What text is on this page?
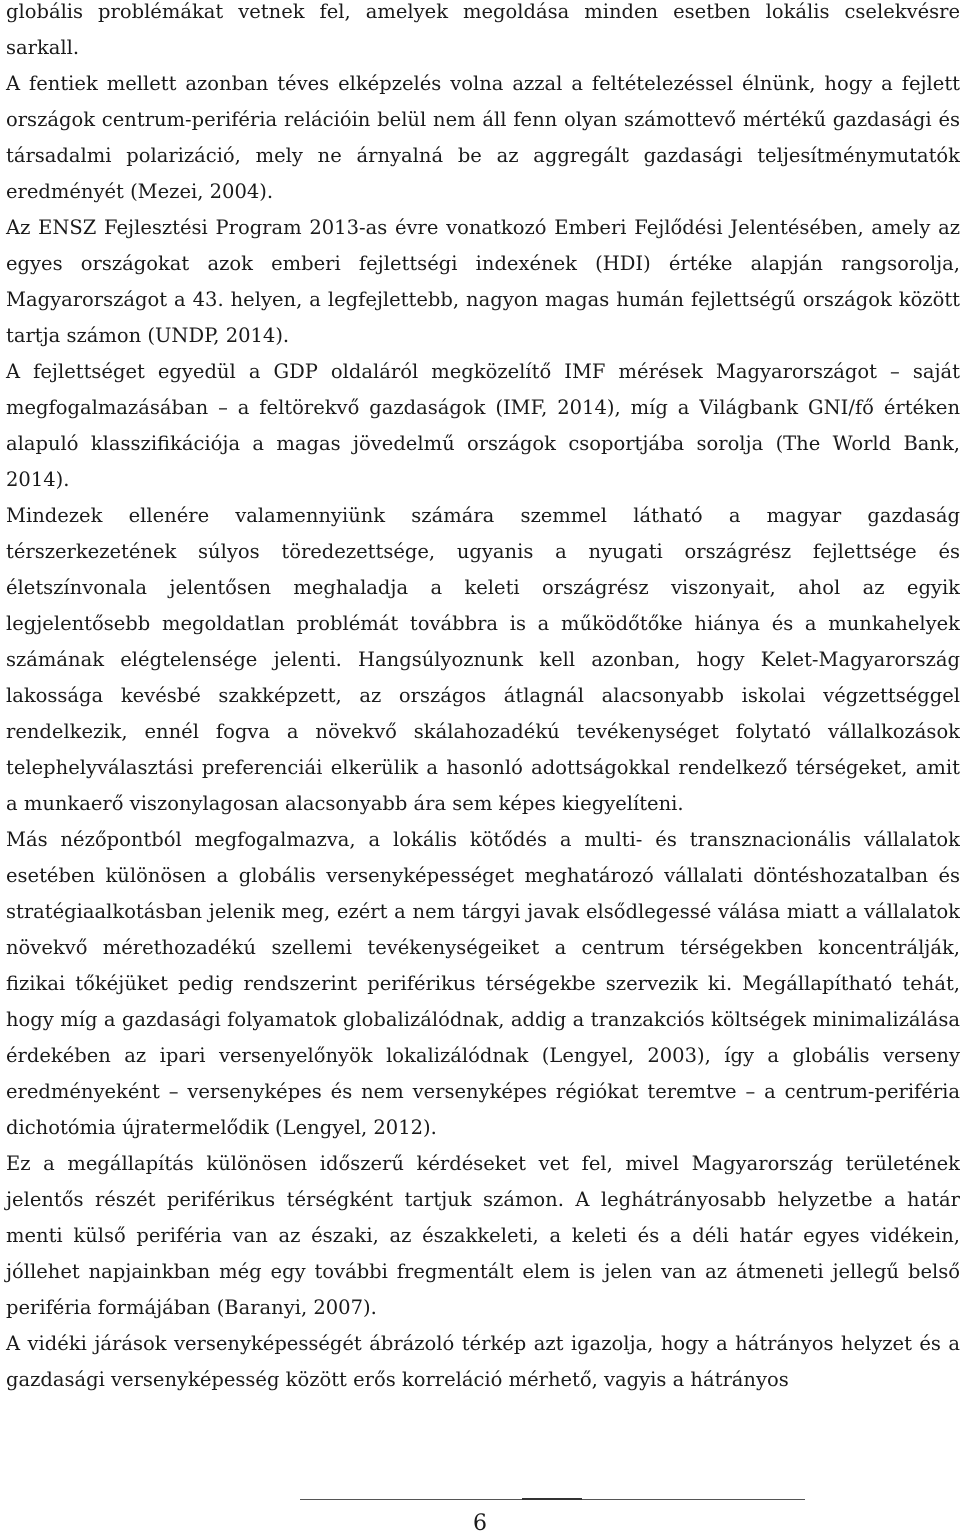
globális problémákat vetnek fel, amelyek megoldása minden esetben lokális cselekvésre sarkall.

A fentiek mellett azonban téves elképzelés volna azzal a feltételezéssel élnünk, hogy a fejlett országok centrum-periféria relációin belül nem áll fenn olyan számottevő mértékű gazdasági és társadalmi polarizáció, mely ne árnyalná be az aggregált gazdasági teljesítménymutatók eredményét (Mezei, 2004).

Az ENSZ Fejlesztési Program 2013-as évre vonatkozó Emberi Fejlődési Jelentésében, amely az egyes országokat azok emberi fejlettségi indexének (HDI) értéke alapján rangsorolja, Magyarországot a 43. helyen, a legfejlettebb, nagyon magas humán fejlettségű országok között tartja számon (UNDP, 2014).

A fejlettséget egyedül a GDP oldaláról megközelítő IMF mérések Magyarországot – saját megfogalmazásában – a feltörekvő gazdaságok (IMF, 2014), míg a Világbank GNI/fő értéken alapuló klasszifikációja a magas jövedelmű országok csoportjába sorolja (The World Bank, 2014).

Mindezek ellenére valamennyiünk számára szemmel látható a magyar gazdaság térszerkezetének súlyos töredezettsége, ugyanis a nyugati országrész fejlettsége és életszínvonala jelentősen meghaladja a keleti országrész viszonyait, ahol az egyik legjelentősebb megoldatlan problémát továbbra is a működőtőke hiánya és a munkahelyek számának elégtelensége jelenti. Hangsúlyoznunk kell azonban, hogy Kelet-Magyarország lakossága kevésbé szakképzett, az országos átlagnál alacsonyabb iskolai végzettséggel rendelkezik, ennél fogva a növekvő skálahozadékú tevékenységet folytató vállalkozások telephelyválasztási preferenciái elkerülik a hasonló adottságokkal rendelkező térségeket, amit a munkaerő viszonylagosan alacsonyabb ára sem képes kiegyelíteni.

Más nézőpontból megfogalmazva, a lokális kötődés a multi- és transznacionális vállalatok esetében különösen a globális versenyképességet meghatározó vállalati döntéshozatalban és stratégiaalkotásban jelenik meg, ezért a nem tárgyi javak elsődlegessé válása miatt a vállalatok növekvő mérethozadékú szellemi tevékenységeiket a centrum térségekben koncentrálják, fizikai tőkéjüket pedig rendszerint periférikus térségekbe szervezik ki. Megállapítható tehát, hogy míg a gazdasági folyamatok globalizálódnak, addig a tranzakciós költségek minimalizálása érdekében az ipari versenyelőnyök lokalizálódnak (Lengyel, 2003), így a globális verseny eredményeként – versenyképes és nem versenyképes régiókat teremtve – a centrum-periféria dichotómia újratermelődik (Lengyel, 2012).

Ez a megállapítás különösen időszerű kérdéseket vet fel, mivel Magyarország területének jelentős részét periférikus térségként tartjuk számon. A leghátrányosabb helyzetbe a határ menti külső periféria van az északi, az északkeleti, a keleti és a déli határ egyes vidékein, jóllehet napjainkban még egy további fregmentált elem is jelen van az átmeneti jellegű belső periféria formájában (Baranyi, 2007).

A vidéki járások versenyképességét ábrázoló térkép azt igazolja, hogy a hátrányos helyzet és a gazdasági versenyképesség között erős korreláció mérhető, vagyis a hátrányos

6
